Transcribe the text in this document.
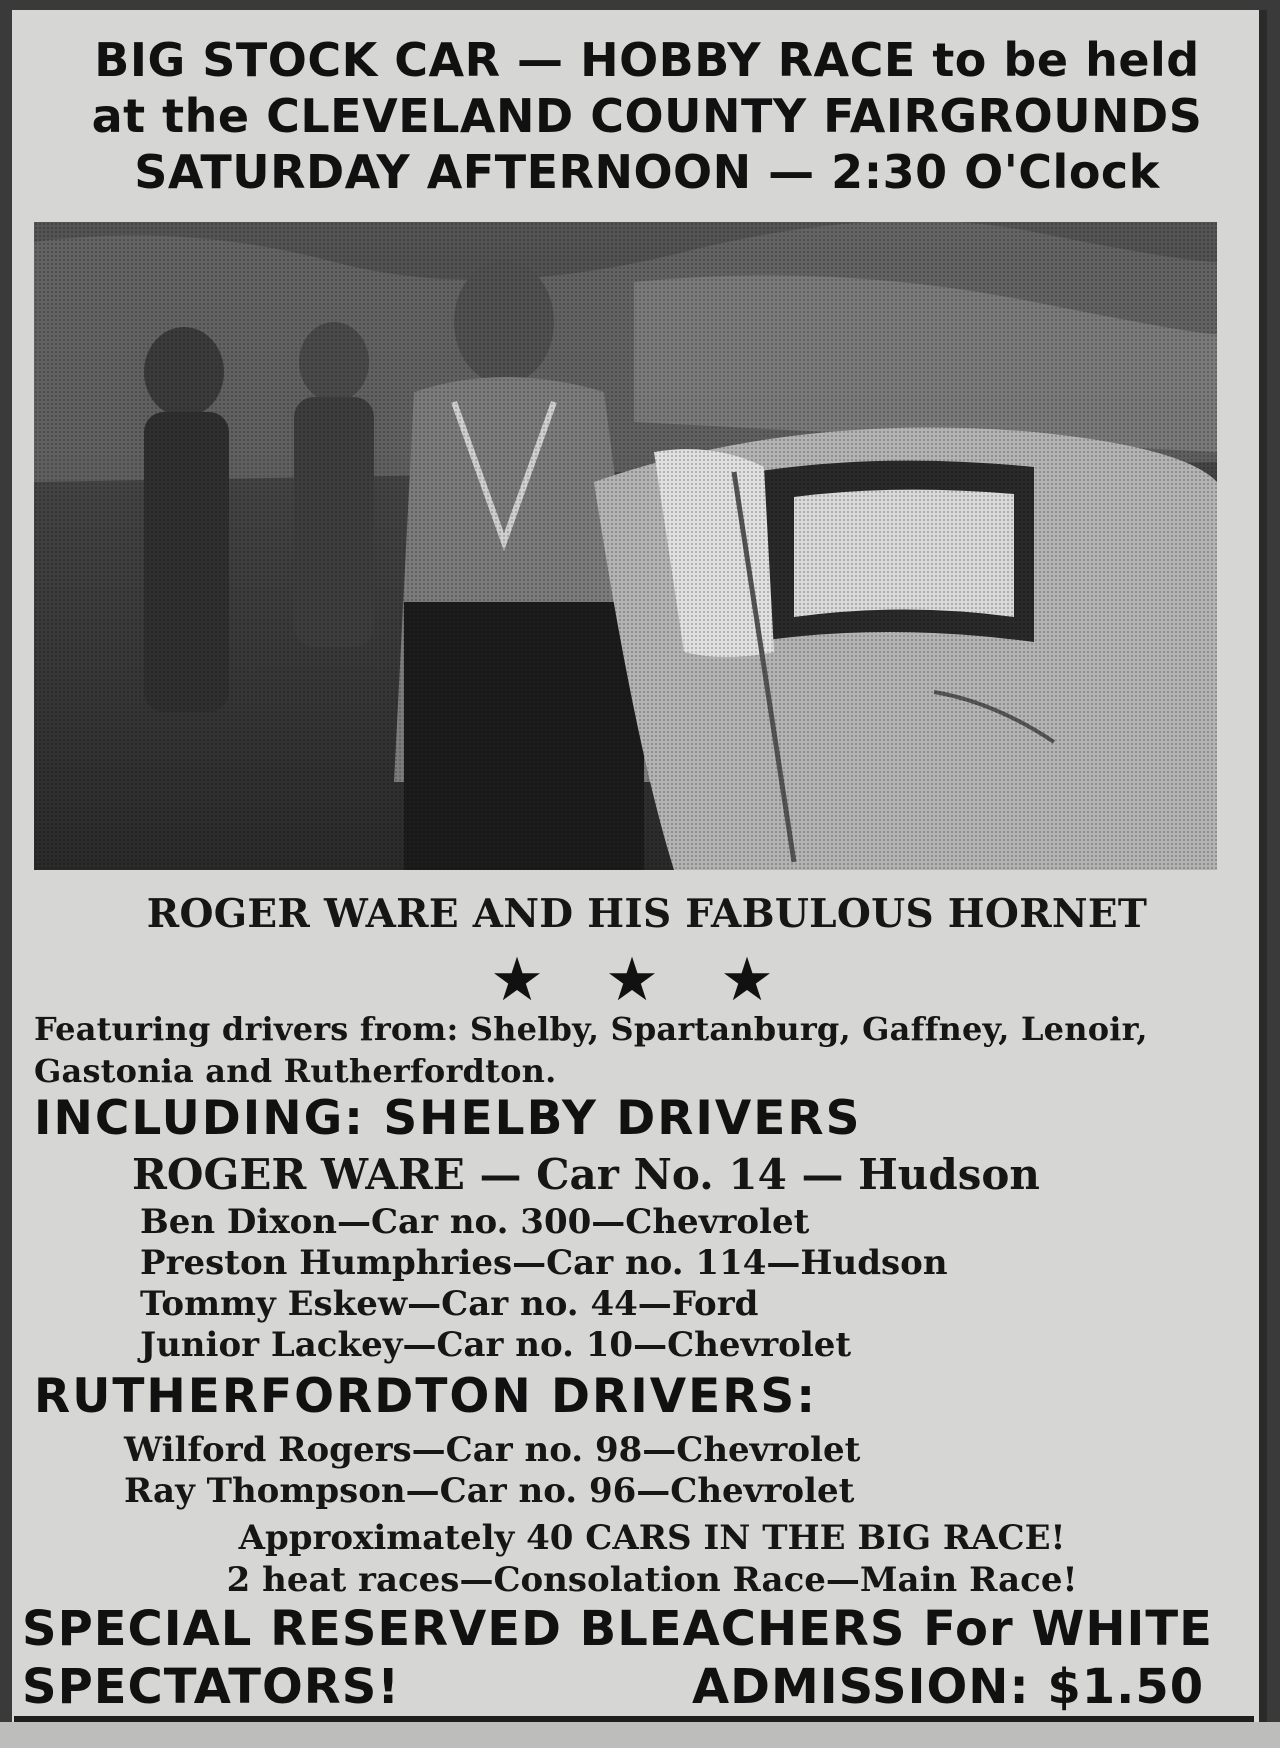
BIG STOCK CAR — HOBBY RACE to be held
at the CLEVELAND COUNTY FAIRGROUNDS
SATURDAY AFTERNOON — 2:30 O'Clock
ROGER WARE AND HIS FABULOUS HORNET
★	★	★
Featuring drivers from: Shelby, Spartanburg, Gaffney, Lenoir, Gastonia and Rutherfordton.
INCLUDING: SHELBY DRIVERS
ROGER WARE — Car No. 14 — Hudson
Ben Dixon—Car no. 300—Chevrolet
Preston Humphries—Car no. 114—Hudson
Tommy Eskew—Car no. 44—Ford
Junior Lackey—Car no. 10—Chevrolet
RUTHERFORDTON DRIVERS:
Wilford Rogers—Car no. 98—Chevrolet
Ray Thompson—Car no. 96—Chevrolet
Approximately 40 CARS IN THE BIG RACE!
2 heat races—Consolation Race—Main Race!
SPECIAL RESERVED BLEACHERS For WHITE
SPECTATORS!	ADMISSION: $1.50
